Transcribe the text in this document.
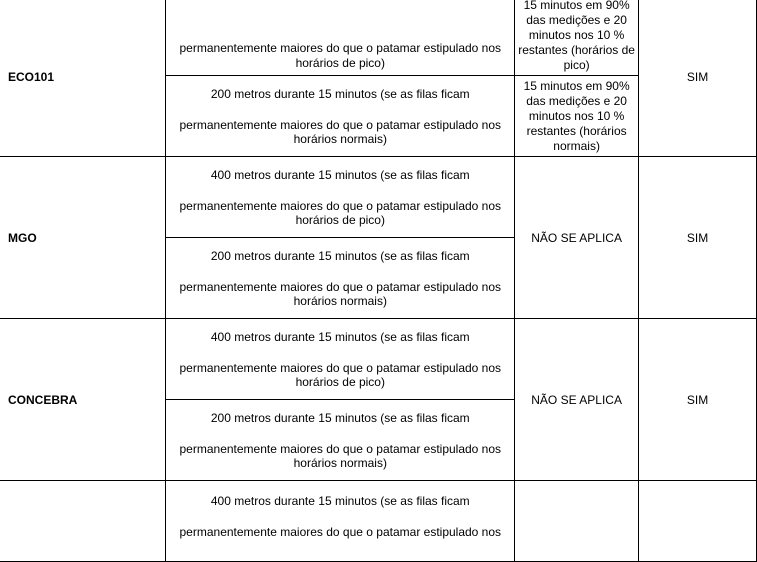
ECO101	permanentemente maiores do que o patamar estipulado nos horários de pico)	15 minutos em 90% das medições e 20 minutos nos 10 % restantes (horários de pico)	SIM

	200 metros durante 15 minutos (se as filas ficam
permanentemente maiores do que o patamar estipulado nos horários normais)	15 minutos em 90% das medições e 20 minutos nos 10 % restantes (horários normais)	
MGO	400 metros durante 15 minutos (se as filas ficam
permanentemente maiores do que o patamar estipulado nos horários de pico)	NÃO SE APLICA	SIM

	200 metros durante 15 minutos (se as filas ficam
permanentemente maiores do que o patamar estipulado nos horários normais)		

CONCEBRA	400 metros durante 15 minutos (se as filas ficam
permanentemente maiores do que o patamar estipulado nos horários de pico)	NÃO SE APLICA	SIM

	200 metros durante 15 minutos (se as filas ficam
permanentemente maiores do que o patamar estipulado nos horários normais)		

	400 metros durante 15 minutos (se as filas ficam
permanentemente maiores do que o patamar estipulado nos		
